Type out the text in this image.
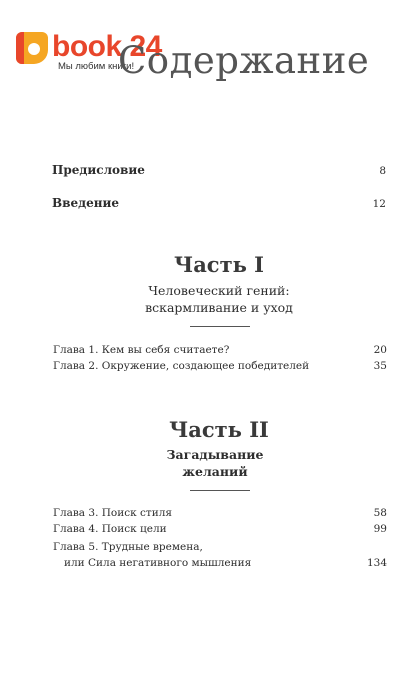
book 24
Мы любим книги!
Содержание
Предисловие	8
Введение	12
Часть I

Человеческий гений:

вскармливание и уход

Глава 1. Кем вы себя считаете?	20
Глава 2. Окружение, создающее победителей	35
Часть II

Загадывание

желаний

Глава 3. Поиск стиля	58
Глава 4. Поиск цели	99
Глава 5. Трудные времена,
или Сила негативного мышления	134
